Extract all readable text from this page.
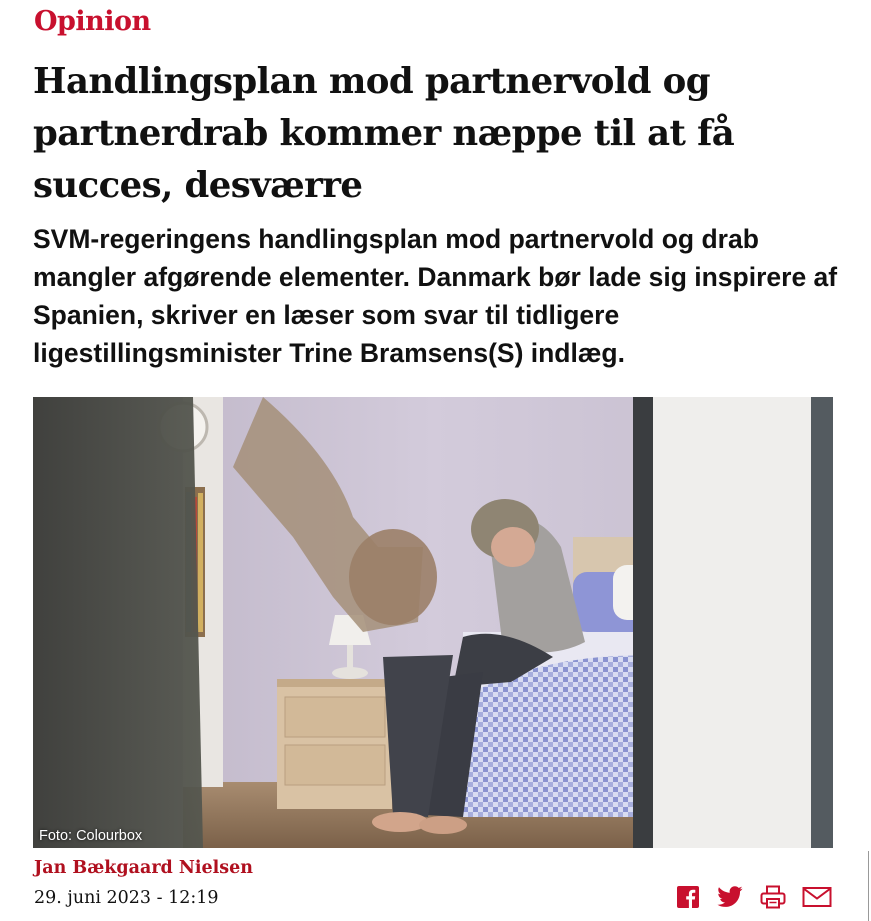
Opinion
Handlingsplan mod partnervold og partnerdrab kommer næppe til at få succes, desværre

SVM-regeringens handlingsplan mod partnervold og drab mangler afgørende elementer. Danmark bør lade sig inspirere af Spanien, skriver en læser som svar til tidligere ligestillingsminister Trine Bramsens(S) indlæg.

Foto: Colourbox
Jan Bækgaard Nielsen
29. juni 2023 - 12:19
